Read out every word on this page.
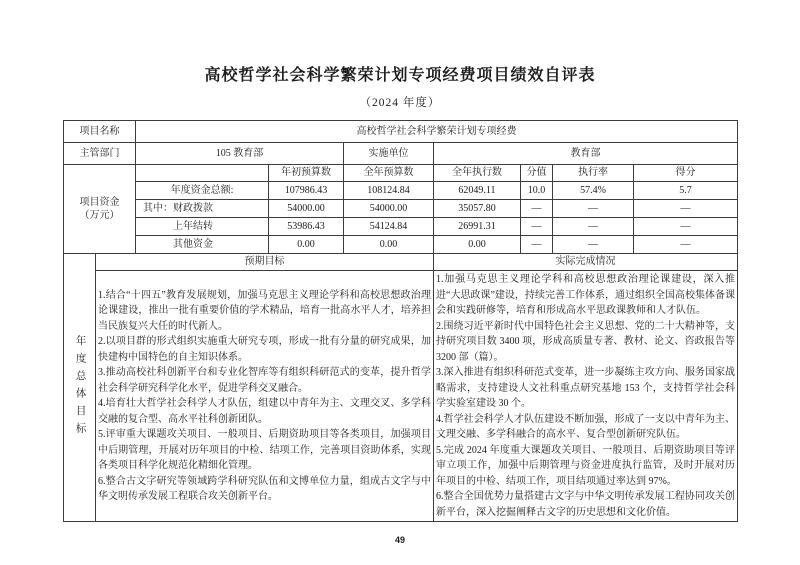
高校哲学社会科学繁荣计划专项经费项目绩效自评表
（2024 年度）
项目名称		高校哲学社会科学繁荣计划专项经费						
主管部门		105 教育部		实施单位	教育部			
项目资金
（万元）			年初预算数	全年预算数	全年执行数	分值	执行率	得分
		年度资金总额:	107986.43	108124.84	62049.11	10.0	57.4%	5.7
		其中：财政拨款	54000.00	54000.00	35057.80	—	—	—
		上年结转	53986.43	54124.84	26991.31	—	—	—
		其他资金	0.00	0.00	0.00	—	—	—

年度总体目标	预期目标				实际完成情况			

1.结合“十四五”教育发展规划，加强马克思主义理论学科和高校思想政治理论课建设，推出一批有重要价值的学术精品，培育一批高水平人才，培养担当民族复兴大任的时代新人。

2.以项目群的形式组织实施重大研究专项，形成一批有分量的研究成果，加快建构中国特色的自主知识体系。

3.推动高校社科创新平台和专业化智库等有组织科研范式的变革，提升哲学社会科学研究科学化水平，促进学科交叉融合。

4.培育壮大哲学社会科学人才队伍，组建以中青年为主、文理交叉、多学科交融的复合型、高水平社科创新团队。

5.评审重大课题攻关项目、一般项目、后期资助项目等各类项目，加强项目中后期管理，开展对历年项目的中检、结项工作，完善项目资助体系，实现各类项目科学化规范化精细化管理。

6.整合古文字研究等领域跨学科研究队伍和文博单位力量，组成古文字与中华文明传承发展工程联合攻关创新平台。

1.加强马克思主义理论学科和高校思想政治理论课建设，深入推进“大思政课”建设，持续完善工作体系，通过组织全国高校集体备课会和实践研修等，培育和形成高水平思政课教师和人才队伍。

2.围绕习近平新时代中国特色社会主义思想、党的二十大精神等，支持研究项目数 3400 项，形成高质量专著、教材、论文、咨政报告等 3200 部（篇）。

3.深入推进有组织科研范式变革，进一步凝练主攻方向、服务国家战略需求，支持建设人文社科重点研究基地 153 个，支持哲学社会科学实验室建设 30 个。

4.哲学社会科学人才队伍建设不断加强，形成了一支以中青年为主、文理交融、多学科融合的高水平、复合型创新研究队伍。

5.完成 2024 年度重大课题攻关项目、一般项目、后期资助项目等评审立项工作，加强中后期管理与资金进度执行监管，及时开展对历年项目的中检、结项工作，项目结项通过率达到 97%。

6.整合全国优势力量搭建古文字与中华文明传承发展工程协同攻关创新平台，深入挖掘阐释古文字的历史思想和文化价值。

49
